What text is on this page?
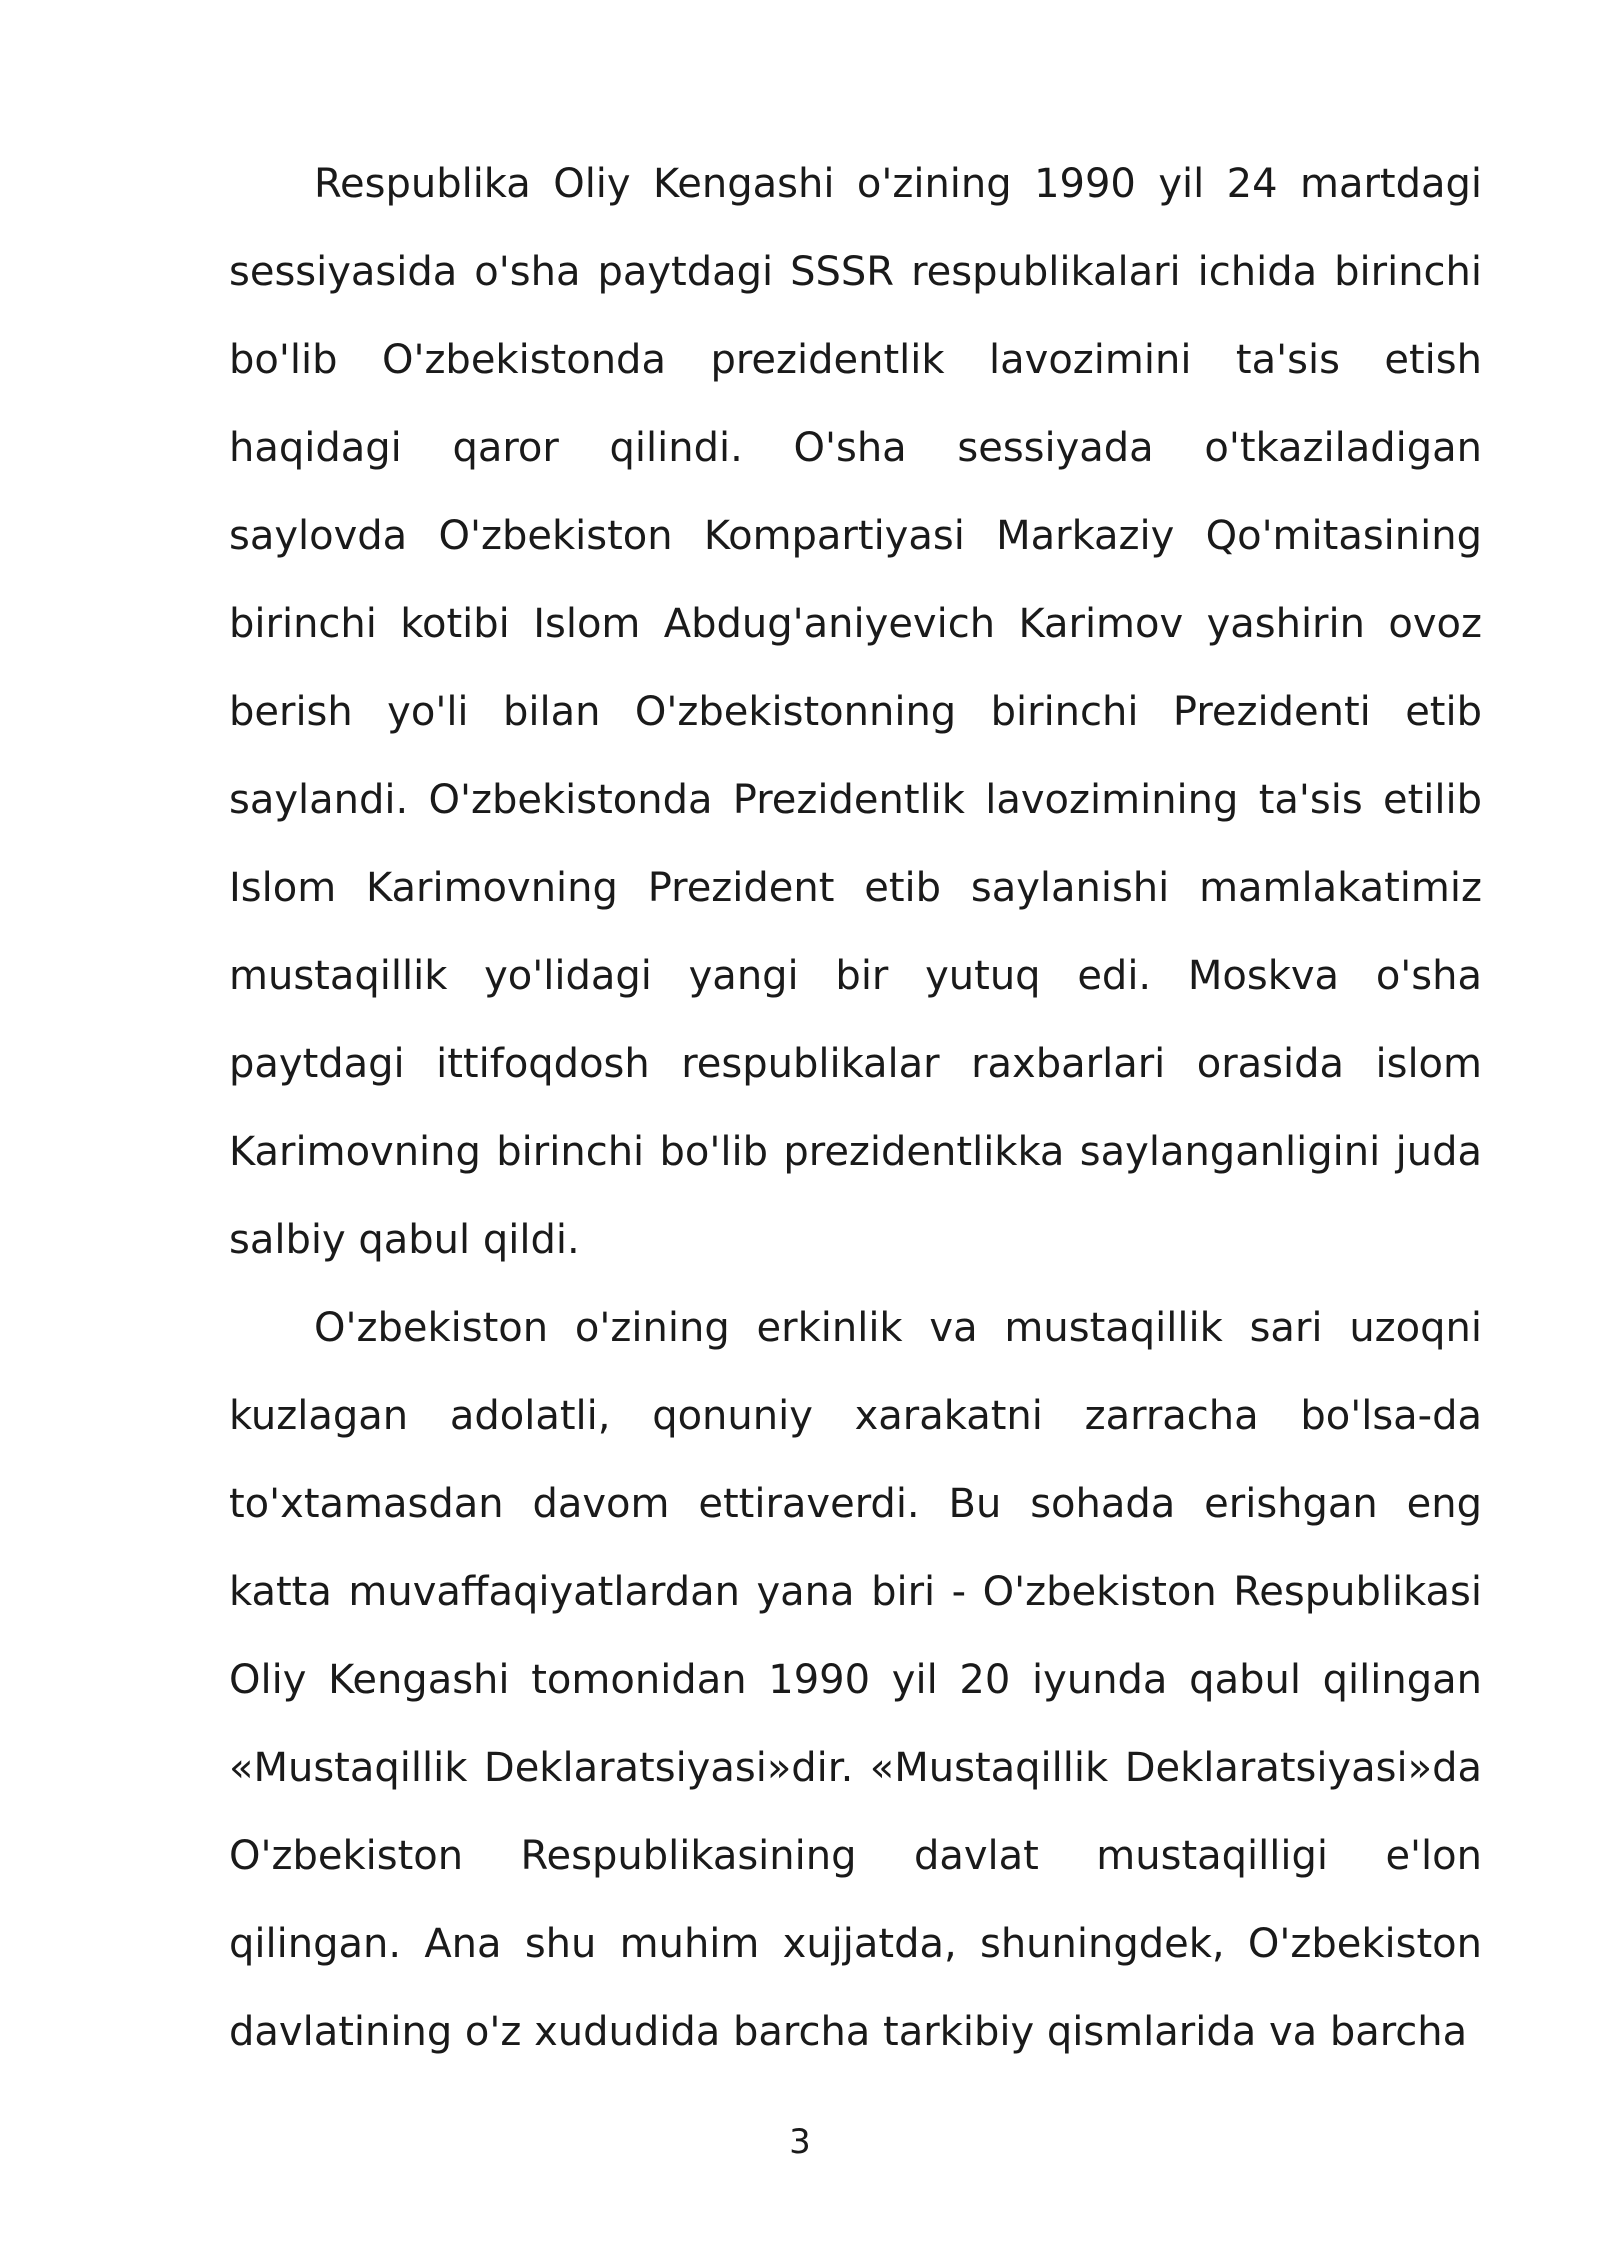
Respublika Oliy Kengashi o'zining 1990 yil 24 martdagi sessiyasida o'sha paytdagi SSSR respublikalari ichida birinchi bo'lib O'zbekistonda prezidentlik lavozimini ta'sis etish haqidagi qaror qilindi. O'sha sessiyada o'tkaziladigan saylovda O'zbekiston Kompartiyasi Markaziy Qo'mitasining birinchi kotibi Islom Abdug'aniyevich Karimov yashirin ovoz berish yo'li bilan O'zbekistonning birinchi Prezidenti etib saylandi. O'zbekistonda Prezidentlik lavozimining ta'sis etilib Islom Karimovning Prezident etib saylanishi mamlakatimiz mustaqillik yo'lidagi yangi bir yutuq edi. Moskva o'sha paytdagi ittifoqdosh respublikalar raxbarlari orasida islom Karimovning birinchi bo'lib prezidentlikka saylanganligini juda salbiy qabul qildi.

O'zbekiston o'zining erkinlik va mustaqillik sari uzoqni kuzlagan adolatli, qonuniy xarakatni zarracha bo'lsa-da to'xtamasdan davom ettiraverdi. Bu sohada erishgan eng katta muvaffaqiyatlardan yana biri - O'zbekiston Respublikasi Oliy Kengashi tomonidan 1990 yil 20 iyunda qabul qilingan «Mustaqillik Deklaratsiyasi»dir. «Mustaqillik Deklaratsiyasi»da O'zbekiston Respublikasining davlat mustaqilligi e'lon qilingan. Ana shu muhim xujjatda, shuningdek, O'zbekiston davlatining o'z xududida barcha tarkibiy qismlarida va barcha

3
